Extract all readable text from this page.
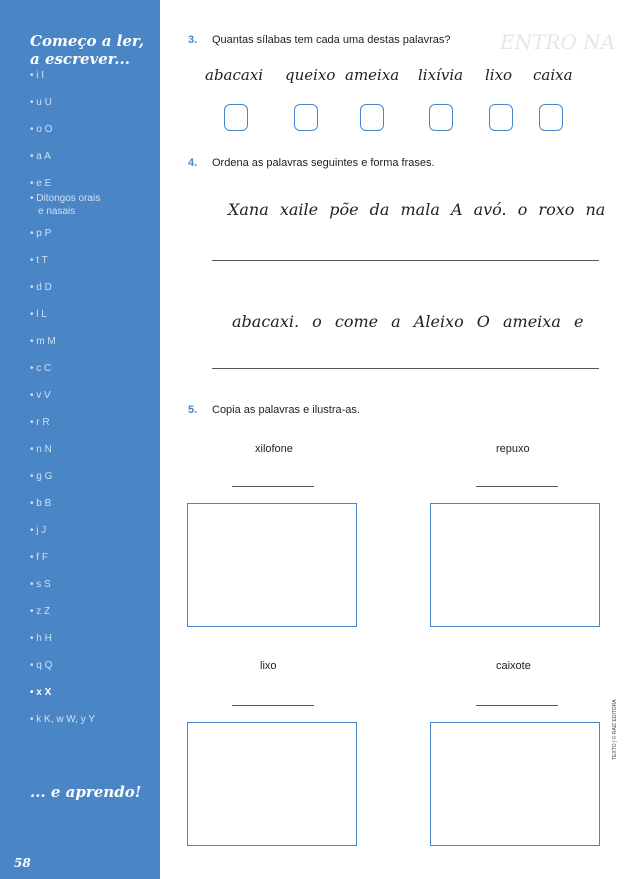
ENTRO NA
Começo a ler,
a escrever...
• i I
• u U
• o O
• a A
• e E
• Ditongos orais
e nasais
• p P
• t T
• d D
• l L
• m M
• c C
• v V
• r R
• n N
• g G
• b B
• j J
• f F
• s S
• z Z
• h H
• q Q
• x X
• k K, w W, y Y
... e aprendo!
58
3. Quantas sílabas tem cada uma destas palavras?
abacaxi queixo ameixa lixívia lixo caixa
4. Ordena as palavras seguintes e forma frases.
Xana xaile põe da mala A avó. o roxo na
abacaxi. o come a Aleixo O ameixa e
5. Copia as palavras e ilustra-as.
xilofone	repuxo
lixo	caixote
TEXTO | © RAIZ EDITORA
